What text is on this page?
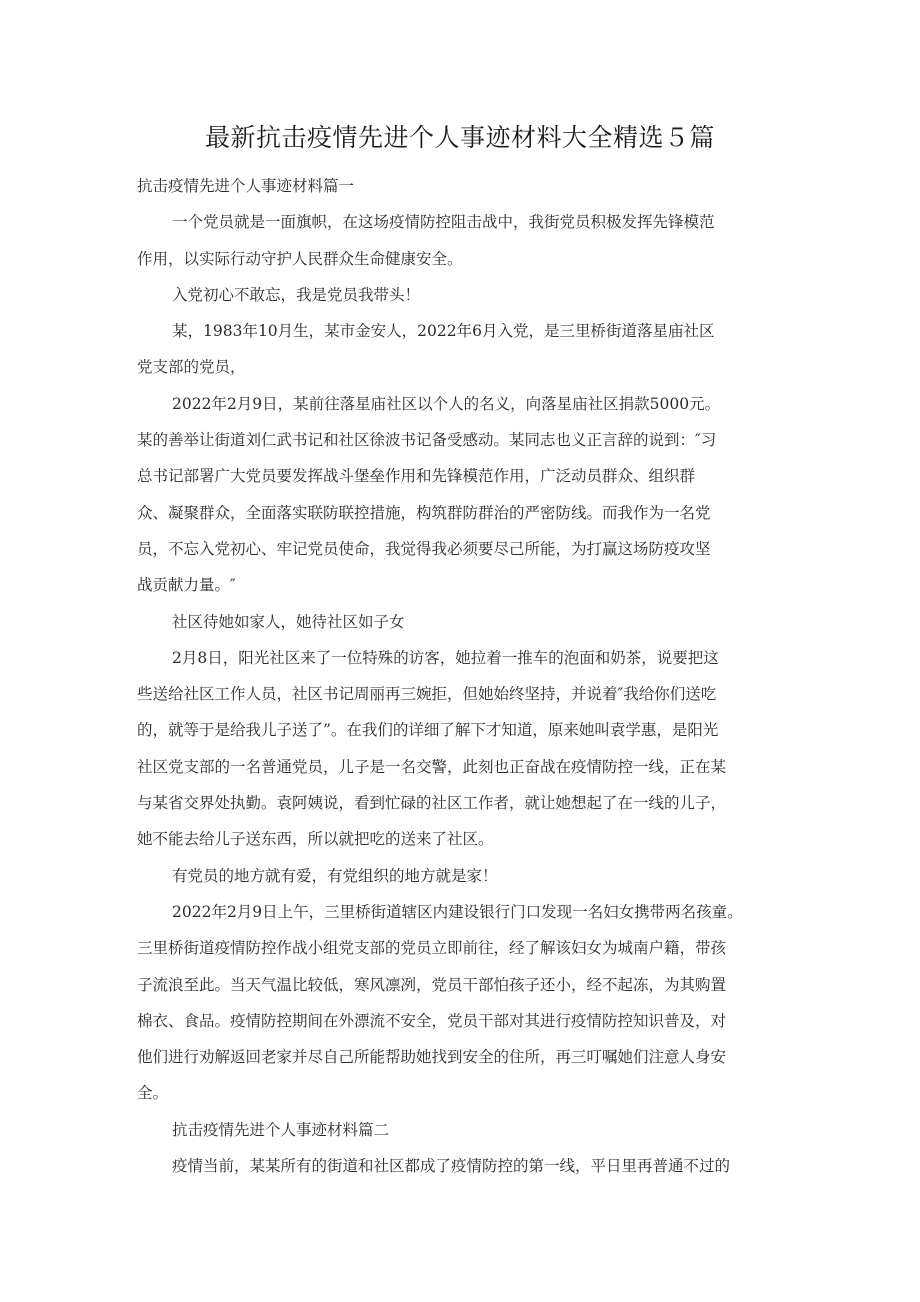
最新抗击疫情先进个人事迹材料大全精选５篇
抗击疫情先进个人事迹材料篇一
一个党员就是一面旗帜，在这场疫情防控阻击战中，我街党员积极发挥先锋模范
作用，以实际行动守护人民群众生命健康安全。
入党初心不敢忘，我是党员我带头！
某，1983年10月生，某市金安人，2022年6月入党，是三里桥街道落星庙社区
党支部的党员，
2022年2月9日，某前往落星庙社区以个人的名义，向落星庙社区捐款5000元。
某的善举让街道刘仁武书记和社区徐波书记备受感动。某同志也义正言辞的说到：″习
总书记部署广大党员要发挥战斗堡垒作用和先锋模范作用，广泛动员群众、组织群
众、凝聚群众，全面落实联防联控措施，构筑群防群治的严密防线。而我作为一名党
员，不忘入党初心、牢记党员使命，我觉得我必须要尽己所能，为打赢这场防疫攻坚
战贡献力量。″
社区待她如家人，她待社区如子女
2月8日，阳光社区来了一位特殊的访客，她拉着一推车的泡面和奶茶，说要把这
些送给社区工作人员，社区书记周丽再三婉拒，但她始终坚持，并说着″我给你们送吃
的，就等于是给我儿子送了”。在我们的详细了解下才知道，原来她叫袁学惠，是阳光
社区党支部的一名普通党员，儿子是一名交警，此刻也正奋战在疫情防控一线，正在某
与某省交界处执勤。袁阿姨说，看到忙碌的社区工作者，就让她想起了在一线的儿子，
她不能去给儿子送东西，所以就把吃的送来了社区。
有党员的地方就有爱，有党组织的地方就是家！
2022年2月9日上午，三里桥街道辖区内建设银行门口发现一名妇女携带两名孩童。
三里桥街道疫情防控作战小组党支部的党员立即前往，经了解该妇女为城南户籍，带孩
子流浪至此。当天气温比较低，寒风凛冽，党员干部怕孩子还小，经不起冻，为其购置
棉衣、食品。疫情防控期间在外漂流不安全，党员干部对其进行疫情防控知识普及，对
他们进行劝解返回老家并尽自己所能帮助她找到安全的住所，再三叮嘱她们注意人身安
全。
抗击疫情先进个人事迹材料篇二
疫情当前，某某所有的街道和社区都成了疫情防控的第一线，平日里再普通不过的
